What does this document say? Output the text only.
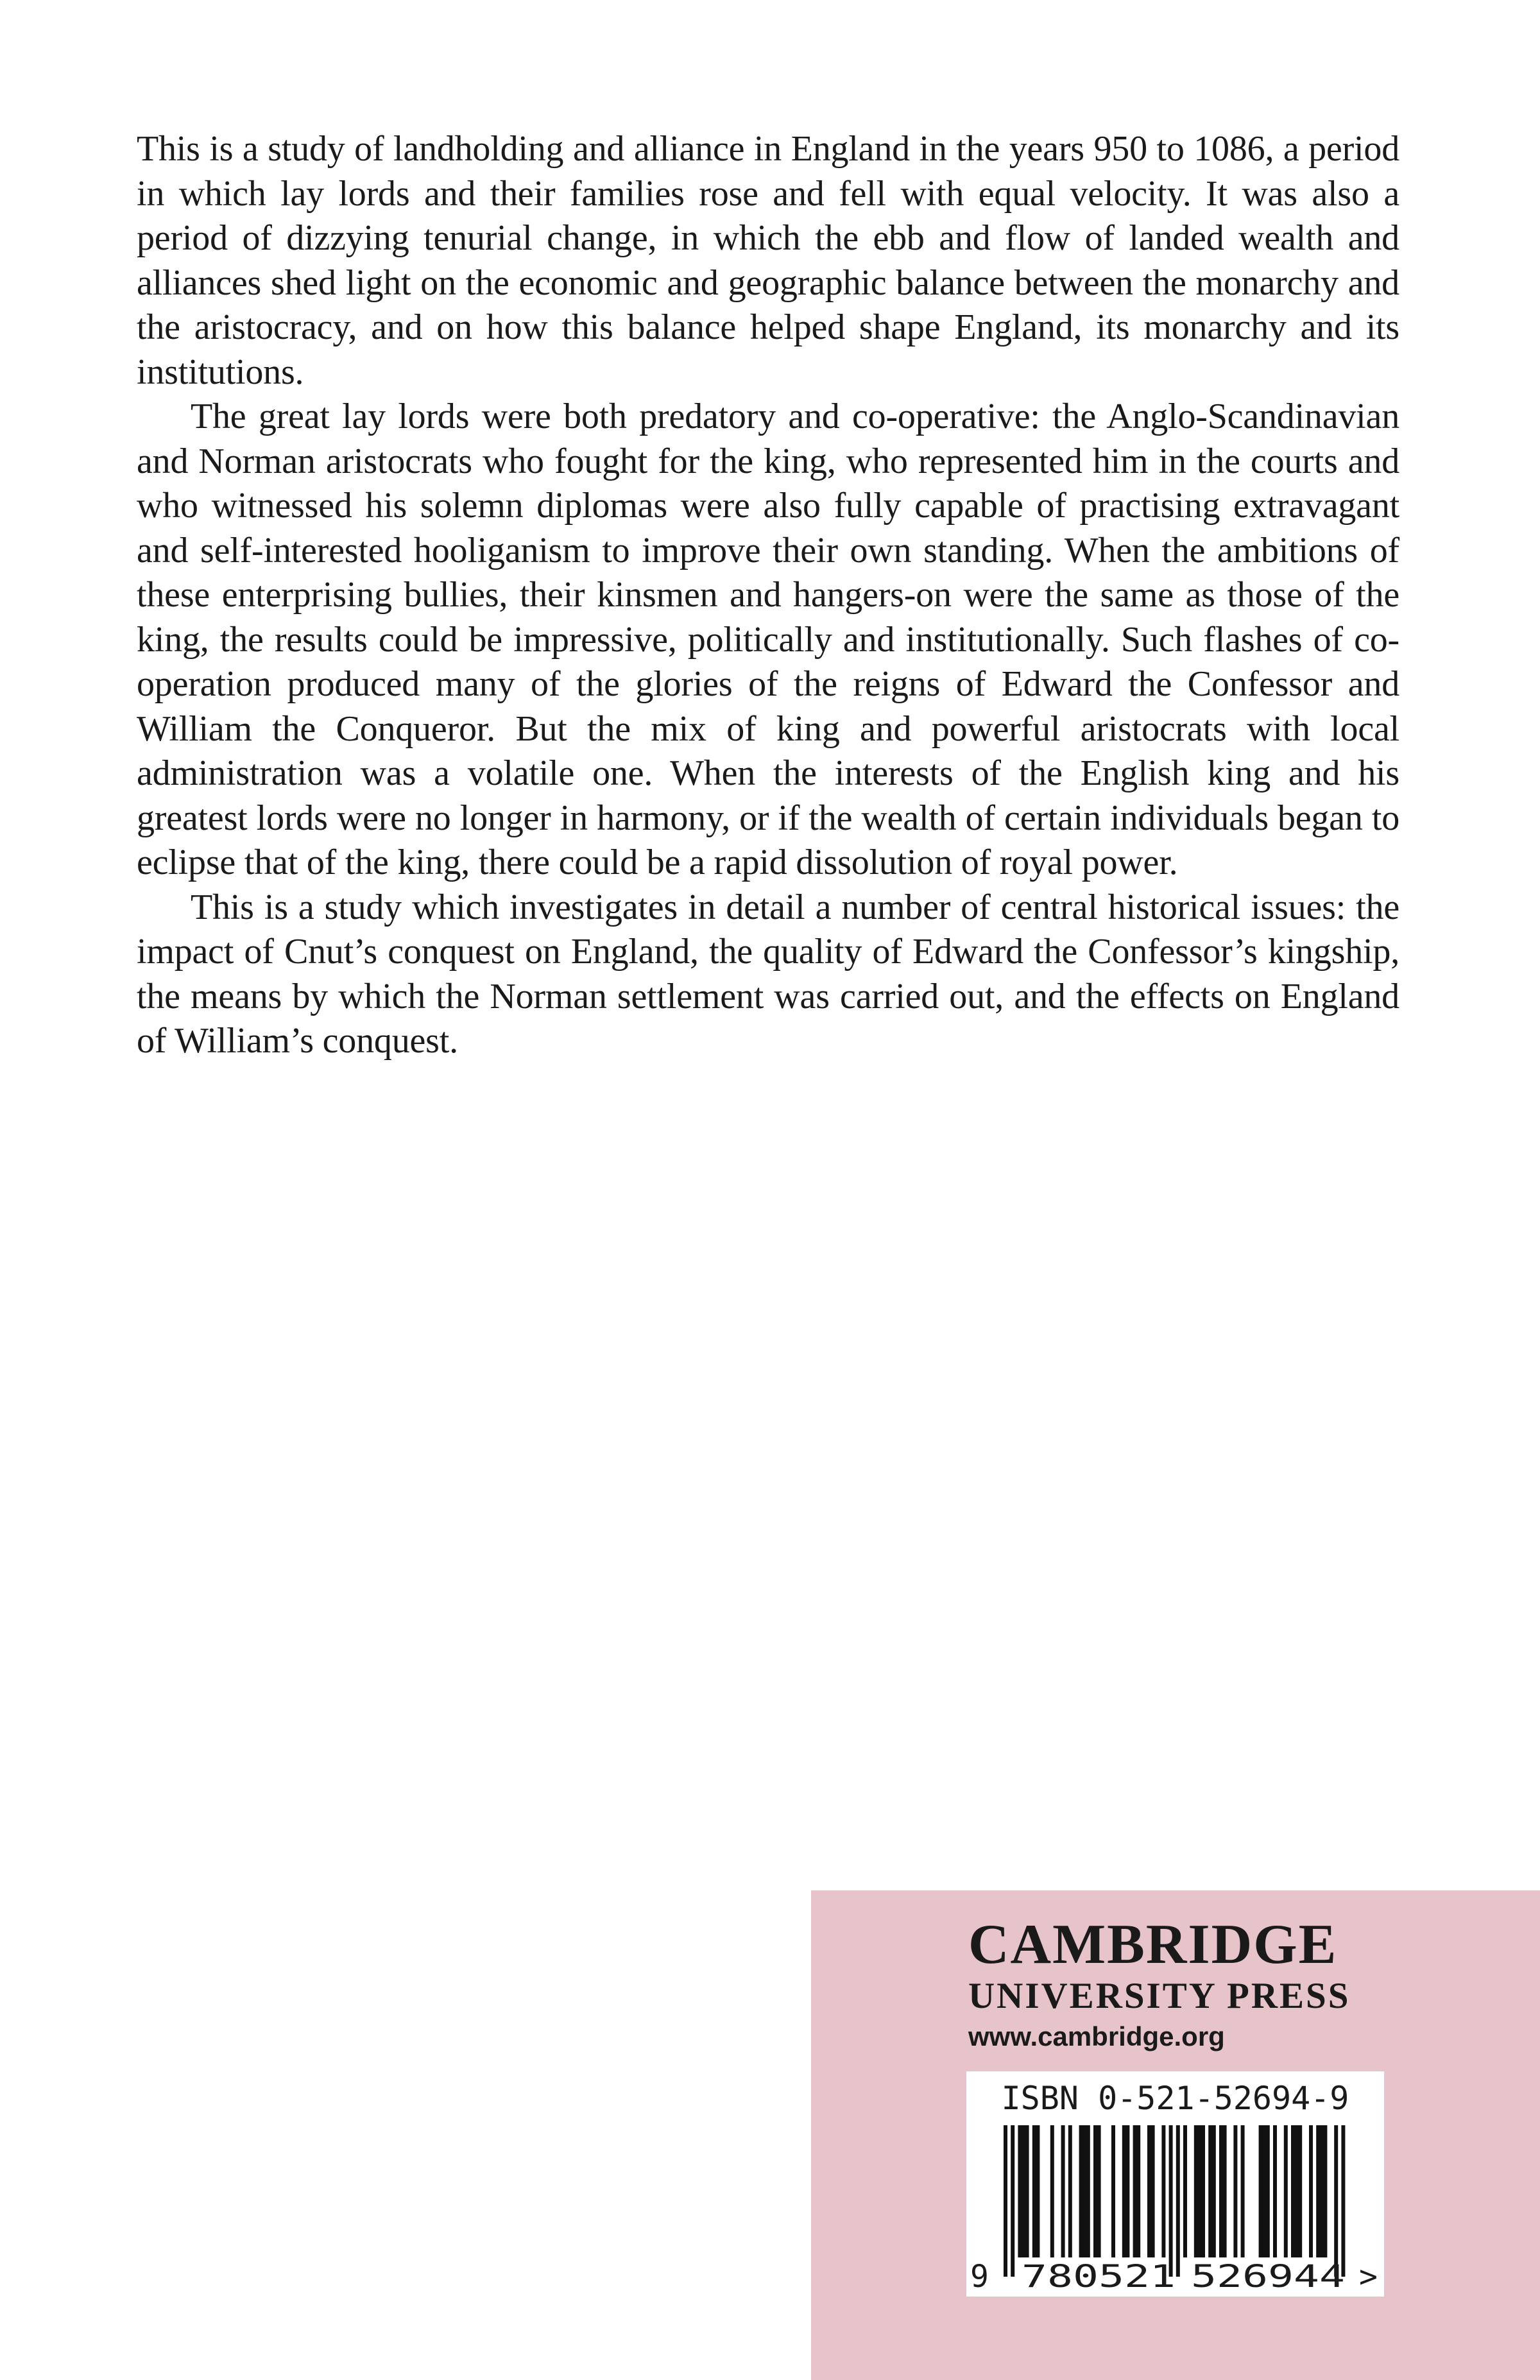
This is a study of landholding and alliance in England in the years 950 to 1086, a period in which lay lords and their families rose and fell with equal velocity. It was also a period of dizzying tenurial change, in which the ebb and flow of landed wealth and alliances shed light on the economic and geographic balance between the monarchy and the aristocracy, and on how this balance helped shape England, its monarchy and its institutions.

The great lay lords were both predatory and co-operative: the Anglo-Scandinavian and Norman aristocrats who fought for the king, who represented him in the courts and who witnessed his solemn diplomas were also fully capable of practising extravagant and self-interested hooliganism to improve their own standing. When the ambitions of these enterprising bullies, their kinsmen and hangers-on were the same as those of the king, the results could be impressive, politically and institutionally. Such flashes of co-operation produced many of the glories of the reigns of Edward the Confessor and William the Conqueror. But the mix of king and powerful aristocrats with local administration was a volatile one. When the interests of the English king and his greatest lords were no longer in harmony, or if the wealth of certain individuals began to eclipse that of the king, there could be a rapid dissolution of royal power.

This is a study which investigates in detail a number of central historical issues: the impact of Cnut’s conquest on England, the quality of Edward the Confessor’s kingship, the means by which the Norman settlement was carried out, and the effects on England of William’s conquest.

CAMBRIDGE
UNIVERSITY PRESS
www.cambridge.org
ISBN 0-521-52694-9
9 780521 526944 >
